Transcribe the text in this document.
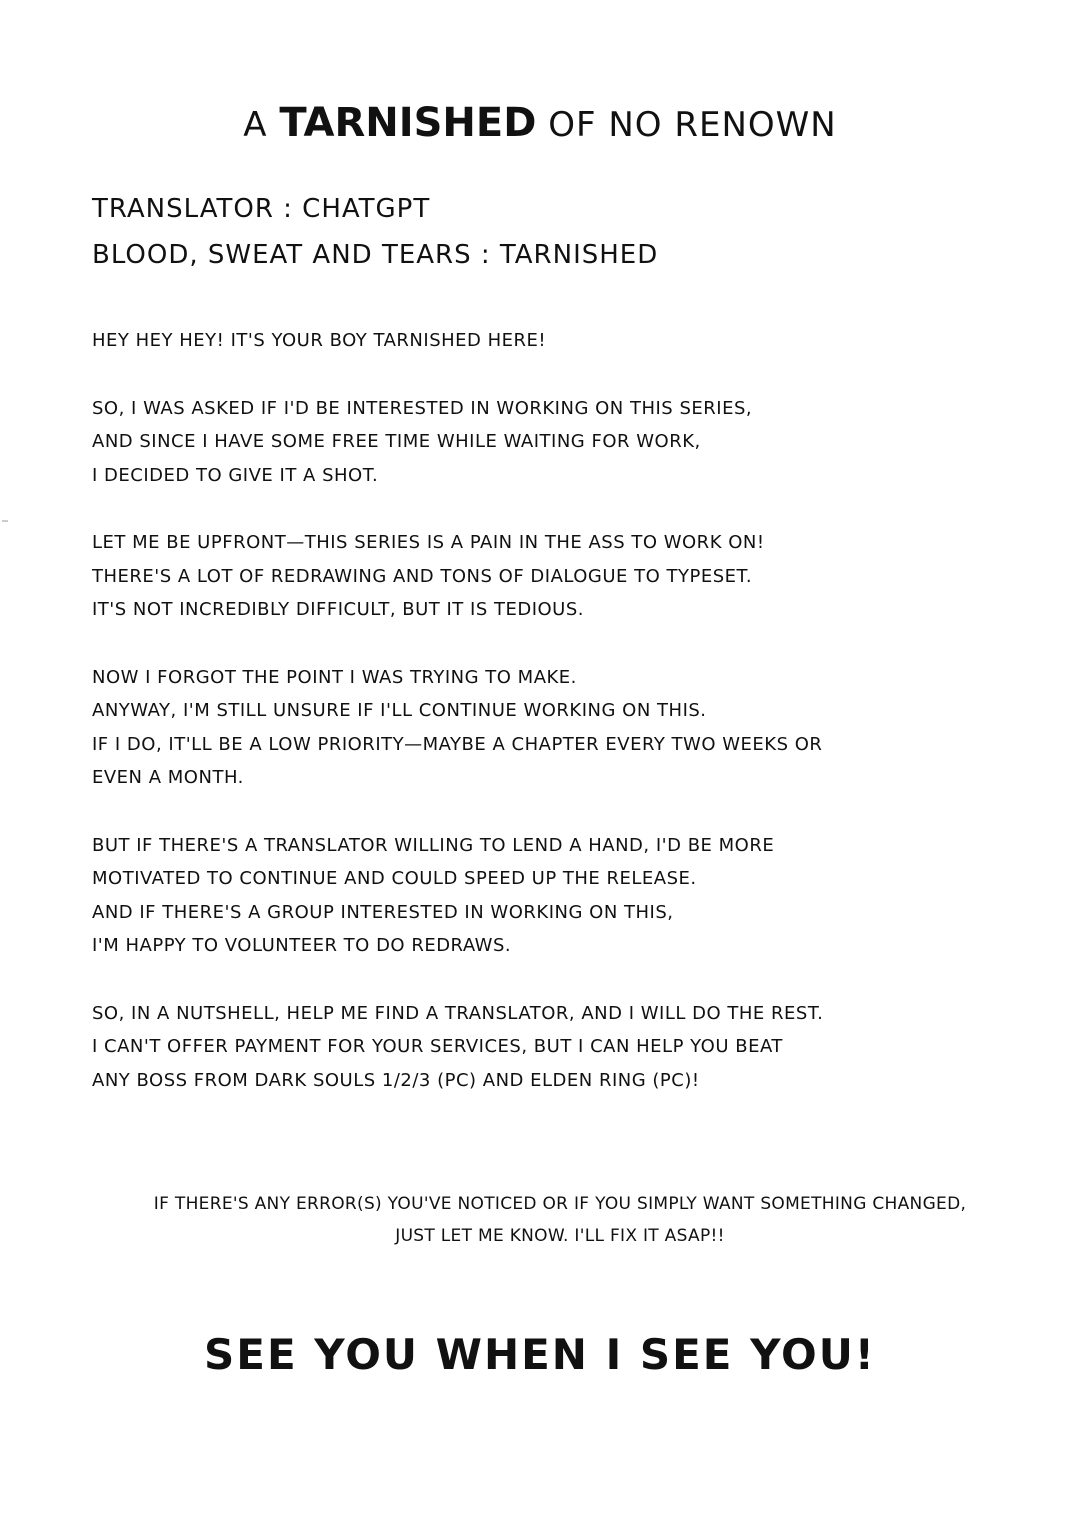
A TARNISHED OF NO RENOWN
TRANSLATOR : CHATGPT
BLOOD, SWEAT AND TEARS : TARNISHED
HEY HEY HEY! IT'S YOUR BOY TARNISHED HERE!
SO, I WAS ASKED IF I'D BE INTERESTED IN WORKING ON THIS SERIES,
AND SINCE I HAVE SOME FREE TIME WHILE WAITING FOR WORK,
I DECIDED TO GIVE IT A SHOT.
LET ME BE UPFRONT—THIS SERIES IS A PAIN IN THE ASS TO WORK ON!
THERE'S A LOT OF REDRAWING AND TONS OF DIALOGUE TO TYPESET.
IT'S NOT INCREDIBLY DIFFICULT, BUT IT IS TEDIOUS.
NOW I FORGOT THE POINT I WAS TRYING TO MAKE.
ANYWAY, I'M STILL UNSURE IF I'LL CONTINUE WORKING ON THIS.
IF I DO, IT'LL BE A LOW PRIORITY—MAYBE A CHAPTER EVERY TWO WEEKS OR
EVEN A MONTH.
BUT IF THERE'S A TRANSLATOR WILLING TO LEND A HAND, I'D BE MORE
MOTIVATED TO CONTINUE AND COULD SPEED UP THE RELEASE.
AND IF THERE'S A GROUP INTERESTED IN WORKING ON THIS,
I'M HAPPY TO VOLUNTEER TO DO REDRAWS.
SO, IN A NUTSHELL, HELP ME FIND A TRANSLATOR, AND I WILL DO THE REST.
I CAN'T OFFER PAYMENT FOR YOUR SERVICES, BUT I CAN HELP YOU BEAT
ANY BOSS FROM DARK SOULS 1/2/3 (PC) AND ELDEN RING (PC)!
IF THERE'S ANY ERROR(S) YOU'VE NOTICED OR IF YOU SIMPLY WANT SOMETHING CHANGED,
JUST LET ME KNOW. I'LL FIX IT ASAP!!
SEE YOU WHEN I SEE YOU!
